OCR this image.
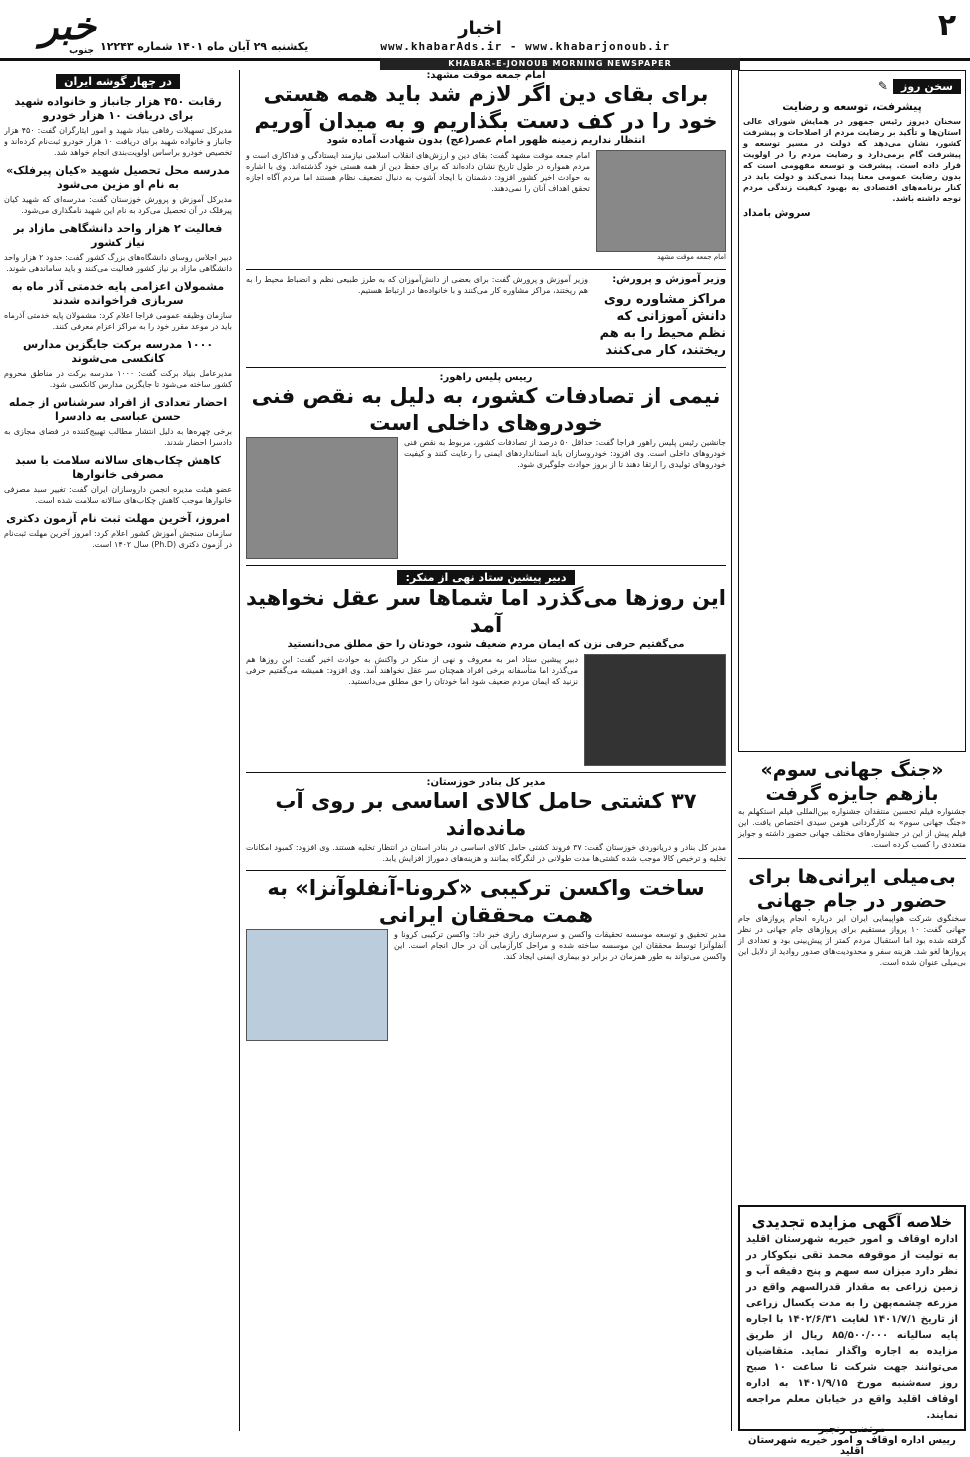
۲
اخبار
www.khabarAds.ir - www.khabarjonoub.ir
یکشنبه ۲۹ آبان ماه ۱۴۰۱ شماره ۱۲۲۴۳
خبر
جنوب
KHABAR-E-JONOUB MORNING NEWSPAPER
سخن روز ✎
پیشرفت، توسعه و رضایت
سخنان دیروز رئیس جمهور در همایش شورای عالی استان‌ها و تأکید بر رضایت مردم از اصلاحات و پیشرفت کشور، نشان می‌دهد که دولت در مسیر توسعه و پیشرفت گام برمی‌دارد و رضایت مردم را در اولویت قرار داده است. پیشرفت و توسعه مفهومی است که بدون رضایت عمومی معنا پیدا نمی‌کند و دولت باید در کنار برنامه‌های اقتصادی به بهبود کیفیت زندگی مردم توجه داشته باشد.
سروش بامداد
«جنگ جهانی سوم» بازهم جایزه گرفت
جشنواره فیلم تحسین منتقدان جشنواره بین‌المللی فیلم استکهلم به «جنگ جهانی سوم» به کارگردانی هومن سیدی اختصاص یافت. این فیلم پیش از این در جشنواره‌های مختلف جهانی حضور داشته و جوایز متعددی را کسب کرده است.
بی‌میلی ایرانی‌ها برای حضور در جام جهانی
سخنگوی شرکت هواپیمایی ایران ایر درباره انجام پروازهای جام جهانی گفت: ۱۰ پرواز مستقیم برای پروازهای جام جهانی در نظر گرفته شده بود اما استقبال مردم کمتر از پیش‌بینی بود و تعدادی از پروازها لغو شد. هزینه سفر و محدودیت‌های صدور روادید از دلایل این بی‌میلی عنوان شده است.
خلاصه آگهی مزایده تجدیدی
اداره اوقاف و امور خیریه شهرستان اقلید به تولیت از موقوفه محمد تقی نیکوکار در نظر دارد میزان سه سهم و پنج دقیقه آب و زمین زراعی به مقدار قدرالسهم واقع در مزرعه چشمه‌پهن را به مدت یکسال زراعی از تاریخ ۱۴۰۱/۷/۱ لغایت ۱۴۰۲/۶/۳۱ با اجاره پایه سالیانه ۸۵/۵۰۰/۰۰۰ ریال از طریق مزایده به اجاره واگذار نماید. متقاضیان می‌توانند جهت شرکت تا ساعت ۱۰ صبح روز سه‌شنبه مورخ ۱۴۰۱/۹/۱۵ به اداره اوقاف اقلید واقع در خیابان معلم مراجعه نمایند.
مرتضی رنجبر
رییس اداره اوقاف و امور خیریه شهرستان اقلید
امام جمعه موقت مشهد:
برای بقای دین اگر لازم شد باید همه هستی خود را در کف دست بگذاریم و به میدان آوریم
انتظار نداریم زمینه ظهور امام عصر(عج) بدون شهادت آماده شود
امام جمعه موقت مشهد
امام جمعه موقت مشهد گفت: بقای دین و ارزش‌های انقلاب اسلامی نیازمند ایستادگی و فداکاری است و مردم همواره در طول تاریخ نشان داده‌اند که برای حفظ دین از همه هستی خود گذشته‌اند. وی با اشاره به حوادث اخیر کشور افزود: دشمنان با ایجاد آشوب به دنبال تضعیف نظام هستند اما مردم آگاه اجازه تحقق اهداف آنان را نمی‌دهند.
وزیر آموزش و پرورش:
مراکز مشاوره روی دانش آموزانی که نظم محیط را به هم ریختند، کار می‌کنند
وزیر آموزش و پرورش گفت: برای بعضی از دانش‌آموزان که به طرز طبیعی نظم و انضباط محیط را به هم ریختند، مراکز مشاوره کار می‌کنند و با خانواده‌ها در ارتباط هستیم.
رییس پلیس راهور:
نیمی از تصادفات کشور، به دلیل به نقص فنی خودروهای داخلی است
جانشین رئیس پلیس راهور فراجا گفت: حداقل ۵۰ درصد از تصادفات کشور، مربوط به نقص فنی خودروهای داخلی است. وی افزود: خودروسازان باید استانداردهای ایمنی را رعایت کنند و کیفیت خودروهای تولیدی را ارتقا دهند تا از بروز حوادث جلوگیری شود.
دبیر پیشین ستاد نهی از منکر:
این روزها می‌گذرد اما شماها سر عقل نخواهید آمد
می‌گفتیم حرفی نزن که ایمان مردم ضعیف شود، خودتان را حق مطلق می‌دانستید
دبیر پیشین ستاد امر به معروف و نهی از منکر در واکنش به حوادث اخیر گفت: این روزها هم می‌گذرد اما متأسفانه برخی افراد همچنان سر عقل نخواهند آمد. وی افزود: همیشه می‌گفتیم حرفی نزنید که ایمان مردم ضعیف شود اما خودتان را حق مطلق می‌دانستید.
مدیر کل بنادر خوزستان:
۳۷ کشتی حامل کالای اساسی بر روی آب مانده‌اند
مدیر کل بنادر و دریانوردی خوزستان گفت: ۳۷ فروند کشتی حامل کالای اساسی در بنادر استان در انتظار تخلیه هستند. وی افزود: کمبود امکانات تخلیه و ترخیص کالا موجب شده کشتی‌ها مدت طولانی در لنگرگاه بمانند و هزینه‌های دموراژ افزایش یابد.
ساخت واکسن ترکیبی «کرونا-آنفلوآنزا» به همت محققان ایرانی
مدیر تحقیق و توسعه موسسه تحقیقات واکسن و سرم‌سازی رازی خبر داد: واکسن ترکیبی کرونا و آنفلوآنزا توسط محققان این موسسه ساخته شده و مراحل کارآزمایی آن در حال انجام است. این واکسن می‌تواند به طور همزمان در برابر دو بیماری ایمنی ایجاد کند.
در چهار گوشه ایران
رقابت ۴۵۰ هزار جانباز و خانواده شهید برای دریافت ۱۰ هزار خودرو
مدیرکل تسهیلات رفاهی بنیاد شهید و امور ایثارگران گفت: ۴۵۰ هزار جانباز و خانواده شهید برای دریافت ۱۰ هزار خودرو ثبت‌نام کرده‌اند و تخصیص خودرو براساس اولویت‌بندی انجام خواهد شد.
مدرسه محل تحصیل شهید «کیان پیرفلک» به نام او مزین می‌شود
مدیرکل آموزش و پرورش خوزستان گفت: مدرسه‌ای که شهید کیان پیرفلک در آن تحصیل می‌کرد به نام این شهید نامگذاری می‌شود.
فعالیت ۲ هزار واحد دانشگاهی مازاد بر نیاز کشور
دبیر اجلاس روسای دانشگاه‌های بزرگ کشور گفت: حدود ۲ هزار واحد دانشگاهی مازاد بر نیاز کشور فعالیت می‌کنند و باید ساماندهی شوند.
مشمولان اعزامی پایه خدمتی آذر ماه به سربازی فراخوانده شدند
سازمان وظیفه عمومی فراجا اعلام کرد: مشمولان پایه خدمتی آذرماه باید در موعد مقرر خود را به مراکز اعزام معرفی کنند.
۱۰۰۰ مدرسه برکت جایگزین مدارس کانکسی می‌شوند
مدیرعامل بنیاد برکت گفت: ۱۰۰۰ مدرسه برکت در مناطق محروم کشور ساخته می‌شود تا جایگزین مدارس کانکسی شود.
احضار تعدادی از افراد سرشناس از جمله حسن عباسی به دادسرا
برخی چهره‌ها به دلیل انتشار مطالب تهییج‌کننده در فضای مجازی به دادسرا احضار شدند.
کاهش چکاب‌های سالانه سلامت با سبد مصرفی خانوارها
عضو هیئت مدیره انجمن داروسازان ایران گفت: تغییر سبد مصرفی خانوارها موجب کاهش چکاب‌های سالانه سلامت شده است.
امروز، آخرین مهلت ثبت نام آزمون دکتری
سازمان سنجش آموزش کشور اعلام کرد: امروز آخرین مهلت ثبت‌نام در آزمون دکتری (Ph.D) سال ۱۴۰۲ است.
